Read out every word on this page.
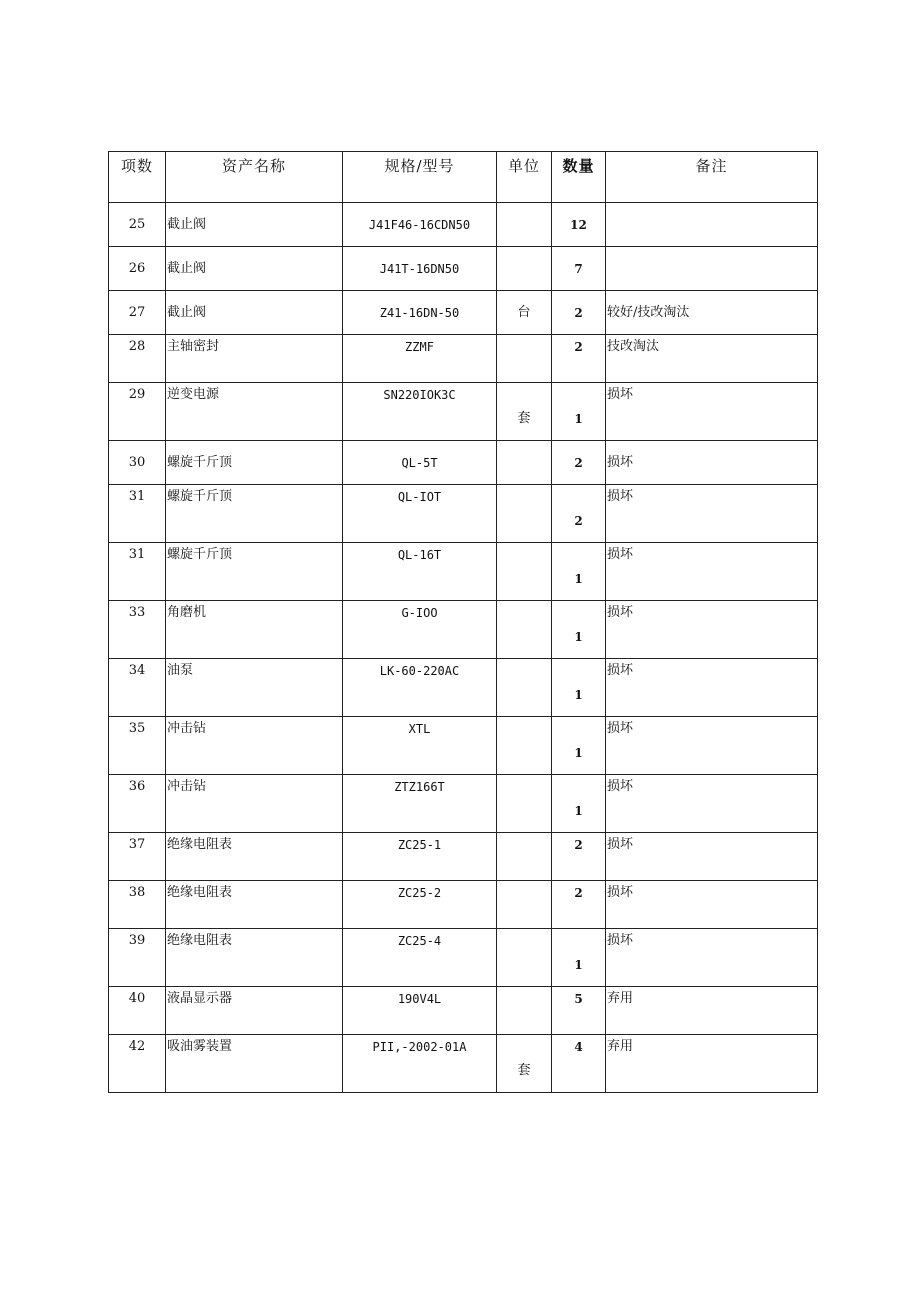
项数	资产名称	规格/型号	单位	数量	备注
25	截止阀	J41F46-16CDN50		12	
26	截止阀	J41T-16DN50		7	
27	截止阀	Z41-16DN-50	台	2	较好/技改淘汰
28	主轴密封	ZZMF		2	技改淘汰
29	逆变电源	SN220IOK3C	套	1	损坏
30	螺旋千斤顶	QL-5T		2	损坏
31	螺旋千斤顶	QL-IOT		2	损坏
31	螺旋千斤顶	QL-16T		1	损坏
33	角磨机	G-IOO		1	损坏
34	油泵	LK-60-220AC		1	损坏
35	冲击钻	XTL		1	损坏
36	冲击钻	ZTZ166T		1	损坏
37	绝缘电阻表	ZC25-1		2	损坏
38	绝缘电阻表	ZC25-2		2	损坏
39	绝缘电阻表	ZC25-4		1	损坏
40	液晶显示器	190V4L		5	弃用
42	吸油雾装置	PΙΙ,-2002-01A	套	4	弃用
